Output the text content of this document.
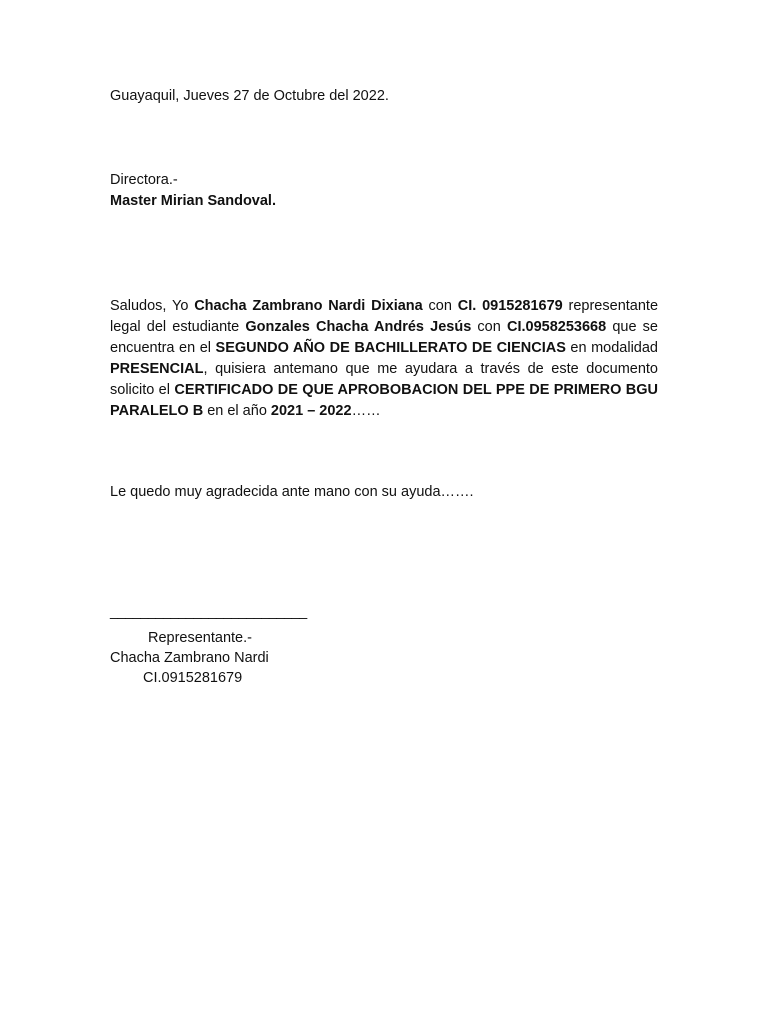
Guayaquil, Jueves 27 de Octubre del 2022.
Directora.-
Master Mirian Sandoval.
Saludos, Yo Chacha Zambrano Nardi Dixiana con CI. 0915281679 representante legal del estudiante Gonzales Chacha Andrés Jesús con CI.0958253668 que se encuentra en el SEGUNDO AÑO DE BACHILLERATO DE CIENCIAS en modalidad PRESENCIAL, quisiera antemano que me ayudara a través de este documento solicito el CERTIFICADO DE QUE APROBOBACION DEL PPE DE PRIMERO BGU PARALELO B en el año 2021 – 2022……
Le quedo muy agradecida ante mano con su ayuda…….
__________________________
Representante.-
Chacha Zambrano Nardi
CI.0915281679
